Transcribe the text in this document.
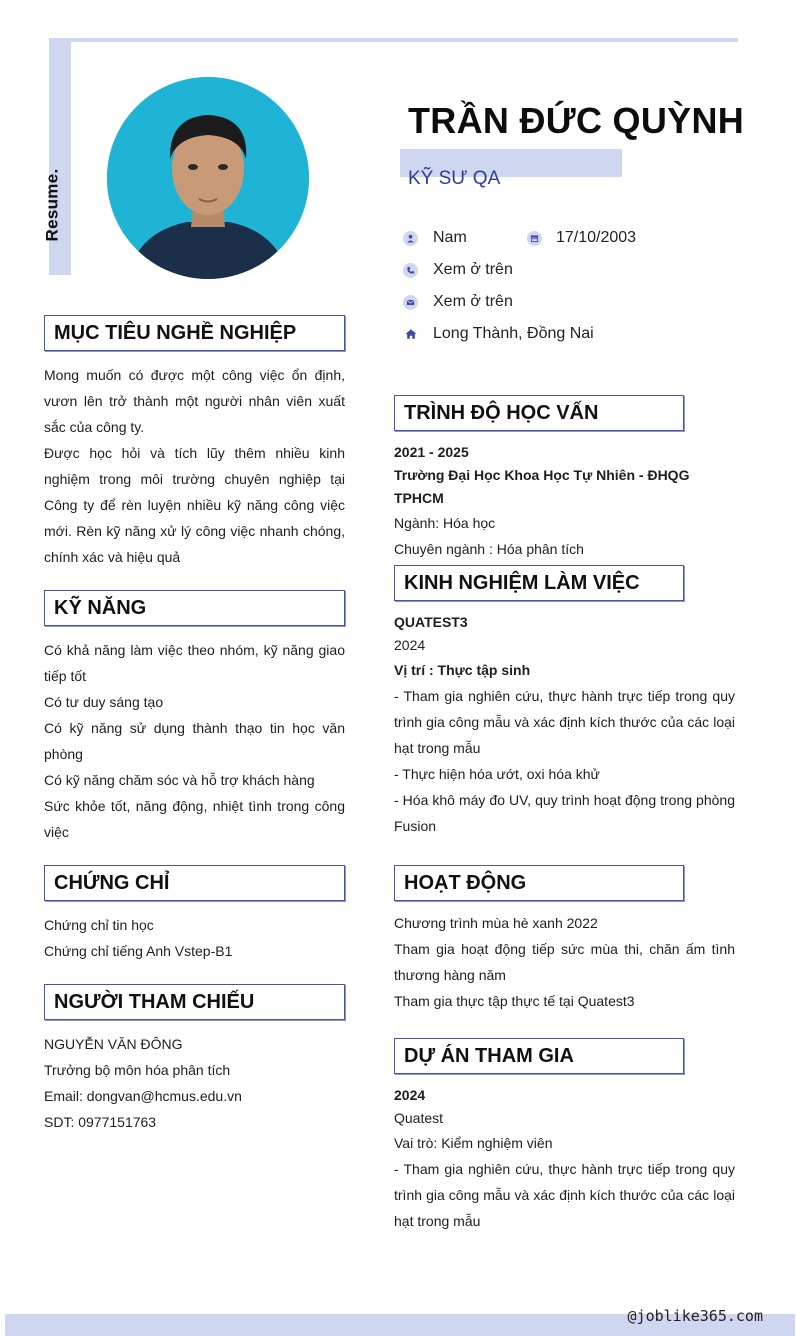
Resume.
TRẦN ĐỨC QUỲNH
KỸ SƯ QA
Nam	17/10/2003
Xem ở trên
Xem ở trên
Long Thành, Đồng Nai
MỤC TIÊU NGHỀ NGHIỆP

Mong muốn có được một công việc ổn định, vươn lên trở thành một người nhân viên xuất sắc của công ty.

Được học hỏi và tích lũy thêm nhiều kinh nghiệm trong môi trường chuyên nghiệp tại Công ty để rèn luyện nhiều kỹ năng công việc mới. Rèn kỹ năng xử lý công việc nhanh chóng, chính xác và hiệu quả

KỸ NĂNG

Có khả năng làm việc theo nhóm, kỹ năng giao tiếp tốt

Có tư duy sáng tạo

Có kỹ năng sử dụng thành thạo tin học văn phòng

Có kỹ năng chăm sóc và hỗ trợ khách hàng

Sức khỏe tốt, năng động, nhiệt tình trong công việc

CHỨNG CHỈ

Chứng chỉ tin học

Chứng chỉ tiếng Anh Vstep-B1

NGƯỜI THAM CHIẾU

NGUYỄN VĂN ĐÔNG

Trưởng bộ môn hóa phân tích

Email: dongvan@hcmus.edu.vn

SDT: 0977151763

TRÌNH ĐỘ HỌC VẤN

2021 - 2025

Trường Đại Học Khoa Học Tự Nhiên - ĐHQG TPHCM

Ngành: Hóa học

Chuyên ngành : Hóa phân tích

KINH NGHIỆM LÀM VIỆC

QUATEST3

2024

Vị trí : Thực tập sinh

- Tham gia nghiên cứu, thực hành trực tiếp trong quy trình gia công mẫu và xác định kích thước của các loại hạt trong mẫu

- Thực hiện hóa ướt, oxi hóa khử

- Hóa khô máy đo UV, quy trình hoạt động trong phòng Fusion

HOẠT ĐỘNG

Chương trình mùa hè xanh 2022

Tham gia hoạt động tiếp sức mùa thi, chăn ấm tình thương hàng năm

Tham gia thực tập thực tế tại Quatest3

DỰ ÁN THAM GIA

2024

Quatest

Vai trò: Kiểm nghiệm viên

- Tham gia nghiên cứu, thực hành trực tiếp trong quy trình gia công mẫu và xác định kích thước của các loại hạt trong mẫu

@joblike365.com
